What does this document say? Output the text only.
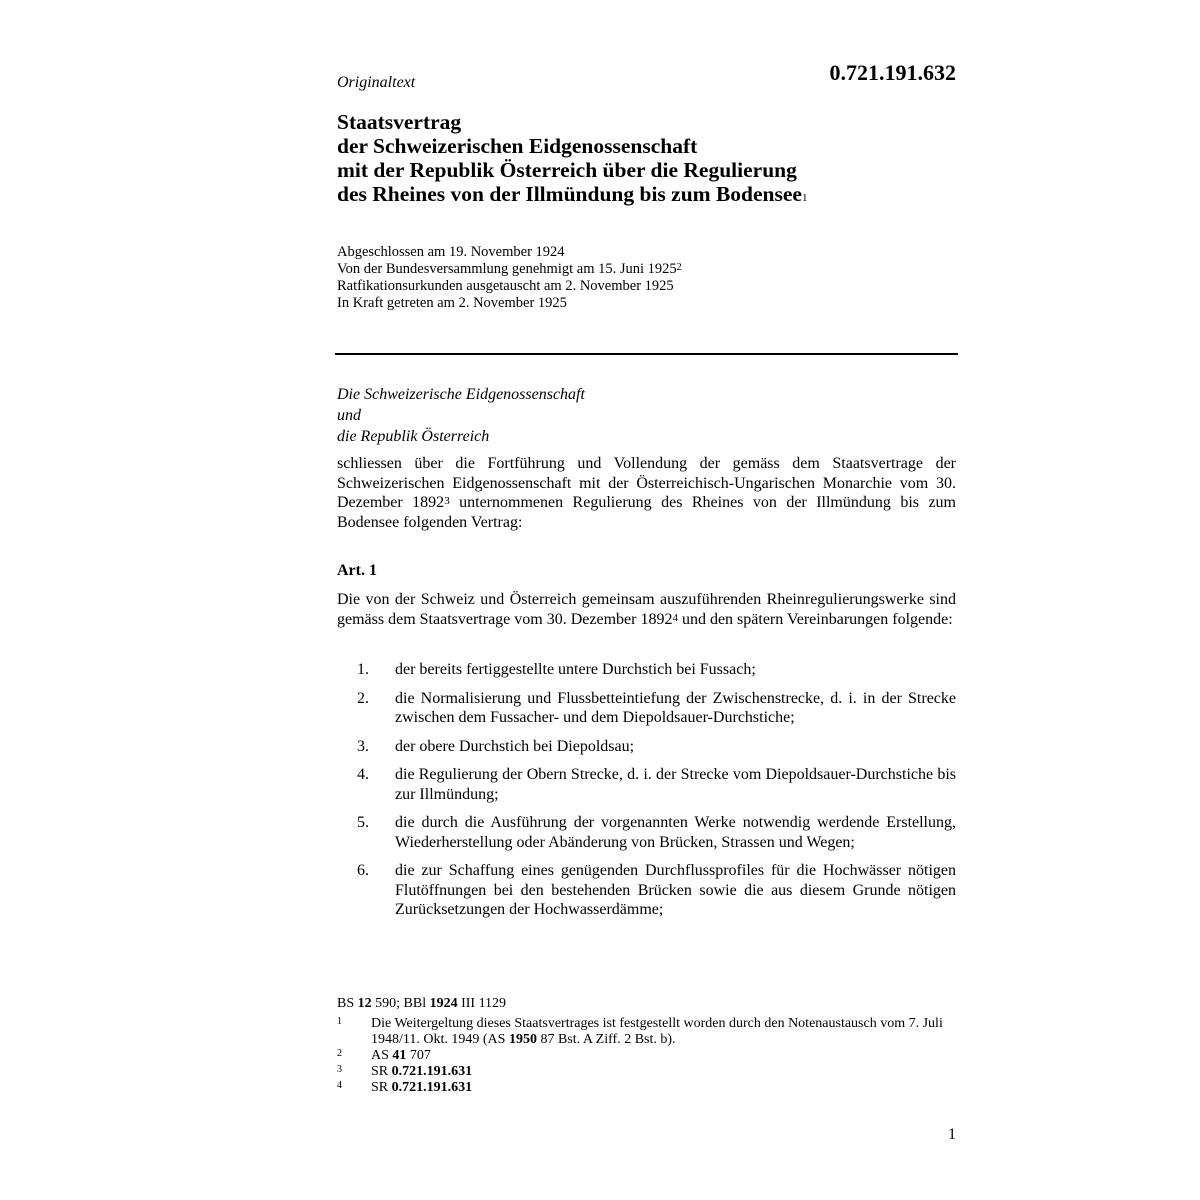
0.721.191.632
Originaltext
Staatsvertrag
der Schweizerischen Eidgenossenschaft
mit der Republik Österreich über die Regulierung
des Rheines von der Illmündung bis zum Bodensee$^1$
Abgeschlossen am 19. November 1924
Von der Bundesversammlung genehmigt am 15. Juni 1925$^2$
Ratfikationsurkunden ausgetauscht am 2. November 1925
In Kraft getreten am 2. November 1925
Die Schweizerische Eidgenossenschaft
und
die Republik Österreich
schliessen über die Fortführung und Vollendung der gemäss dem Staatsvertrage der Schweizerischen Eidgenossenschaft mit der Österreichisch-Ungarischen Monarchie vom 30. Dezember 1892$^3$ unternommenen Regulierung des Rheines von der Illmündung bis zum Bodensee folgenden Vertrag:
Art. 1
Die von der Schweiz und Österreich gemeinsam auszuführenden Rheinregulierungswerke sind gemäss dem Staatsvertrage vom 30. Dezember 1892$^4$ und den spätern Vereinbarungen folgende:
1.	der bereits fertiggestellte untere Durchstich bei Fussach;
2.	die Normalisierung und Flussbetteintiefung der Zwischenstrecke, d. i. in der Strecke zwischen dem Fussacher- und dem Diepoldsauer-Durchstiche;
3.	der obere Durchstich bei Diepoldsau;
4.	die Regulierung der Obern Strecke, d. i. der Strecke vom Diepoldsauer-Durchstiche bis zur Illmündung;
5.	die durch die Ausführung der vorgenannten Werke notwendig werdende Erstellung, Wiederherstellung oder Abänderung von Brücken, Strassen und Wegen;
6.	die zur Schaffung eines genügenden Durchflussprofiles für die Hochwässer nötigen Flutöffnungen bei den bestehenden Brücken sowie die aus diesem Grunde nötigen Zurücksetzungen der Hochwasserdämme;
BS 12 590; BBl 1924 III 1129
1	Die Weitergeltung dieses Staatsvertrages ist festgestellt worden durch den Notenaustausch vom 7. Juli 1948/11. Okt. 1949 (AS 1950 87 Bst. A Ziff. 2 Bst. b).
2	AS 41 707
3	SR 0.721.191.631
4	SR 0.721.191.631
1
